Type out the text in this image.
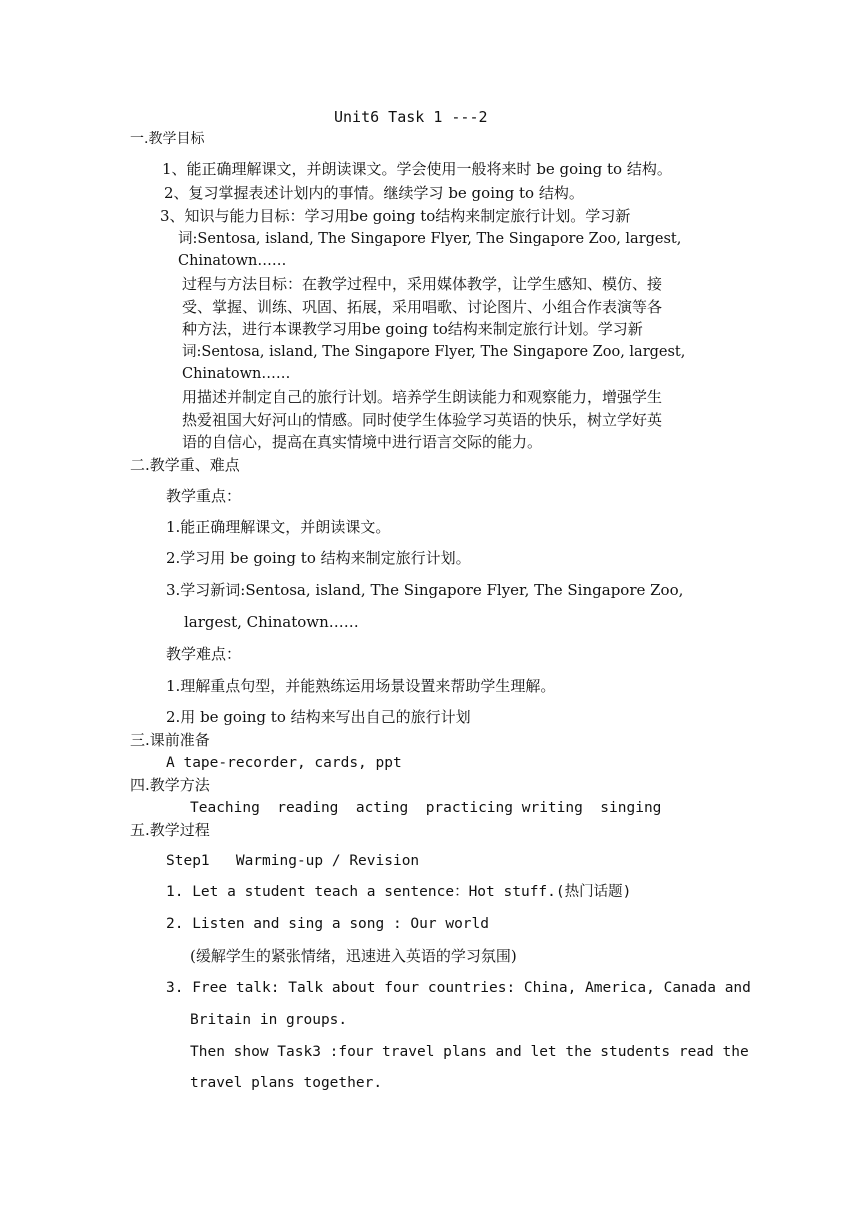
Unit6 Task 1 ---2
一.教学目标
1、能正确理解课文，并朗读课文。学会使用一般将来时 be going to 结构。
2、复习掌握表述计划内的事情。继续学习 be going to 结构。
3、知识与能力目标：学习用be going to结构来制定旅行计划。学习新
词:Sentosa, island, The Singapore Flyer, The Singapore Zoo, largest,
Chinatown……
过程与方法目标：在教学过程中，采用媒体教学，让学生感知、模仿、接
受、掌握、训练、巩固、拓展，采用唱歌、讨论图片、小组合作表演等各
种方法，进行本课教学习用be going to结构来制定旅行计划。学习新
词:Sentosa, island, The Singapore Flyer, The Singapore Zoo, largest,
Chinatown……
用描述并制定自己的旅行计划。培养学生朗读能力和观察能力，增强学生
热爱祖国大好河山的情感。同时使学生体验学习英语的快乐，树立学好英
语的自信心，提高在真实情境中进行语言交际的能力。
二.教学重、难点
教学重点：
1.能正确理解课文，并朗读课文。
2.学习用 be going to 结构来制定旅行计划。
3.学习新词:Sentosa, island, The Singapore Flyer, The Singapore Zoo,
largest, Chinatown……
教学难点：
1.理解重点句型，并能熟练运用场景设置来帮助学生理解。
2.用 be going to 结构来写出自己的旅行计划
三.课前准备
A tape-recorder, cards, ppt
四.教学方法
Teaching  reading  acting  practicing writing  singing
五.教学过程
Step1   Warming-up / Revision
1. Let a student teach a sentence：Hot stuff.(热门话题)
2. Listen and sing a song : Our world
(缓解学生的紧张情绪，迅速进入英语的学习氛围)
3. Free talk: Talk about four countries: China, America, Canada and
Britain in groups.
Then show Task3 :four travel plans and let the students read the
travel plans together.
